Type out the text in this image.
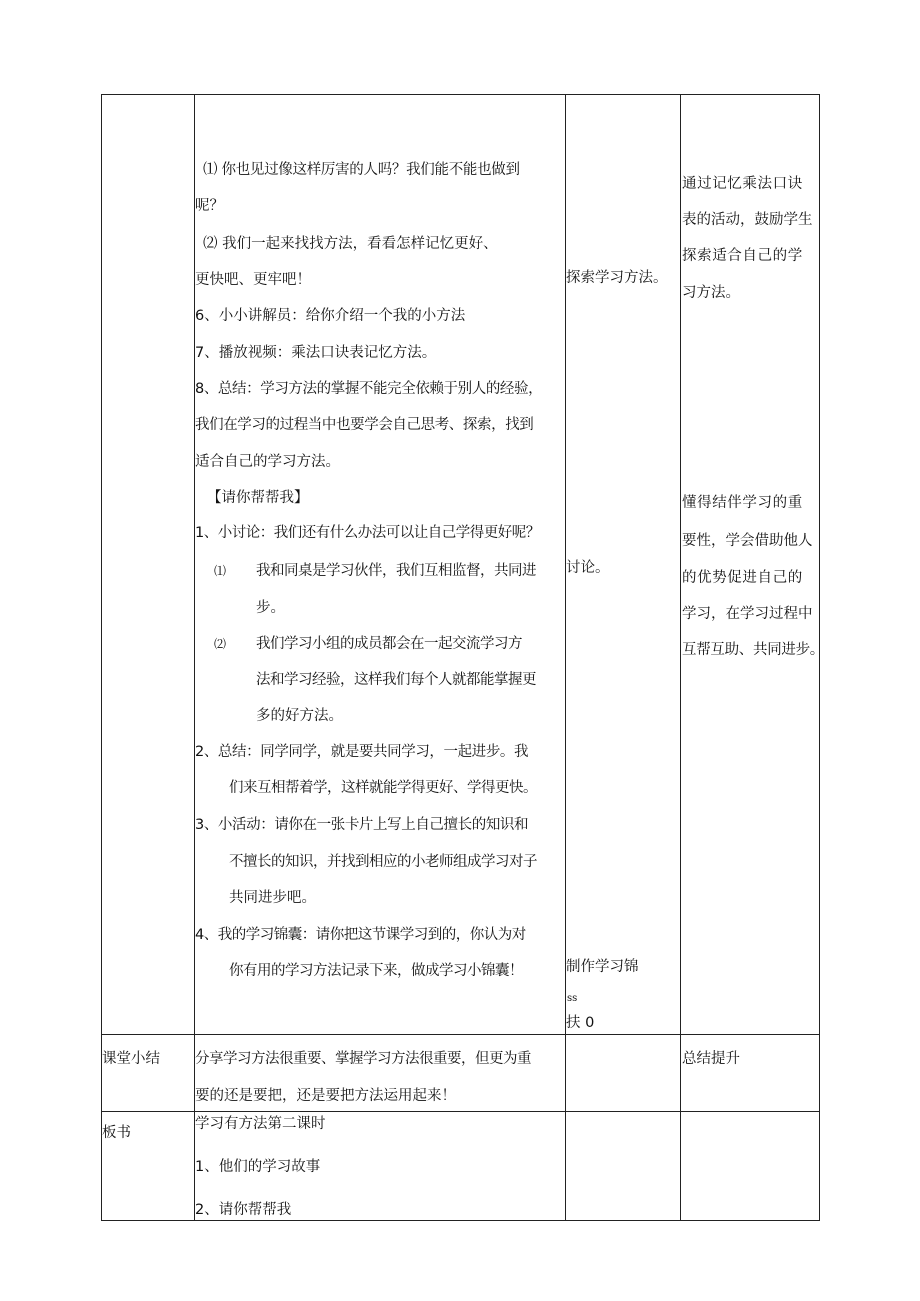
⑴ 你也见过像这样厉害的人吗？我们能不能也做到
呢？
⑵ 我们一起来找找方法，看看怎样记忆更好、
更快吧、更牢吧！
6、小小讲解员：给你介绍一个我的小方法
7、播放视频：乘法口诀表记忆方法。
8、总结：学习方法的掌握不能完全依赖于别人的经验，
我们在学习的过程当中也要学会自己思考、探索，找到
适合自己的学习方法。
【请你帮帮我】
1、小讨论：我们还有什么办法可以让自己学得更好呢？
⑴ 我和同桌是学习伙伴，我们互相监督，共同进
步。
⑵ 我们学习小组的成员都会在一起交流学习方
法和学习经验，这样我们每个人就都能掌握更
多的好方法。
2、总结：同学同学，就是要共同学习，一起进步。我
们来互相帮着学，这样就能学得更好、学得更快。
3、小活动：请你在一张卡片上写上自己擅长的知识和
不擅长的知识，并找到相应的小老师组成学习对子
共同进步吧。
4、我的学习锦囊：请你把这节课学习到的，你认为对
你有用的学习方法记录下来，做成学习小锦囊！
探索学习方法。
讨论。
制作学习锦
ss
扶 0
通过记忆乘法口诀
表的活动，鼓励学生
探索适合自己的学
习方法。
懂得结伴学习的重
要性，学会借助他人
的优势促进自己的
学习，在学习过程中
互帮互助、共同进步。
课堂小结 分享学习方法很重要、掌握学习方法很重要，但更为重
要的还是要把，还是要把方法运用起来！
总结提升
板书
学习有方法第二课时
1、他们的学习故事
2、请你帮帮我
